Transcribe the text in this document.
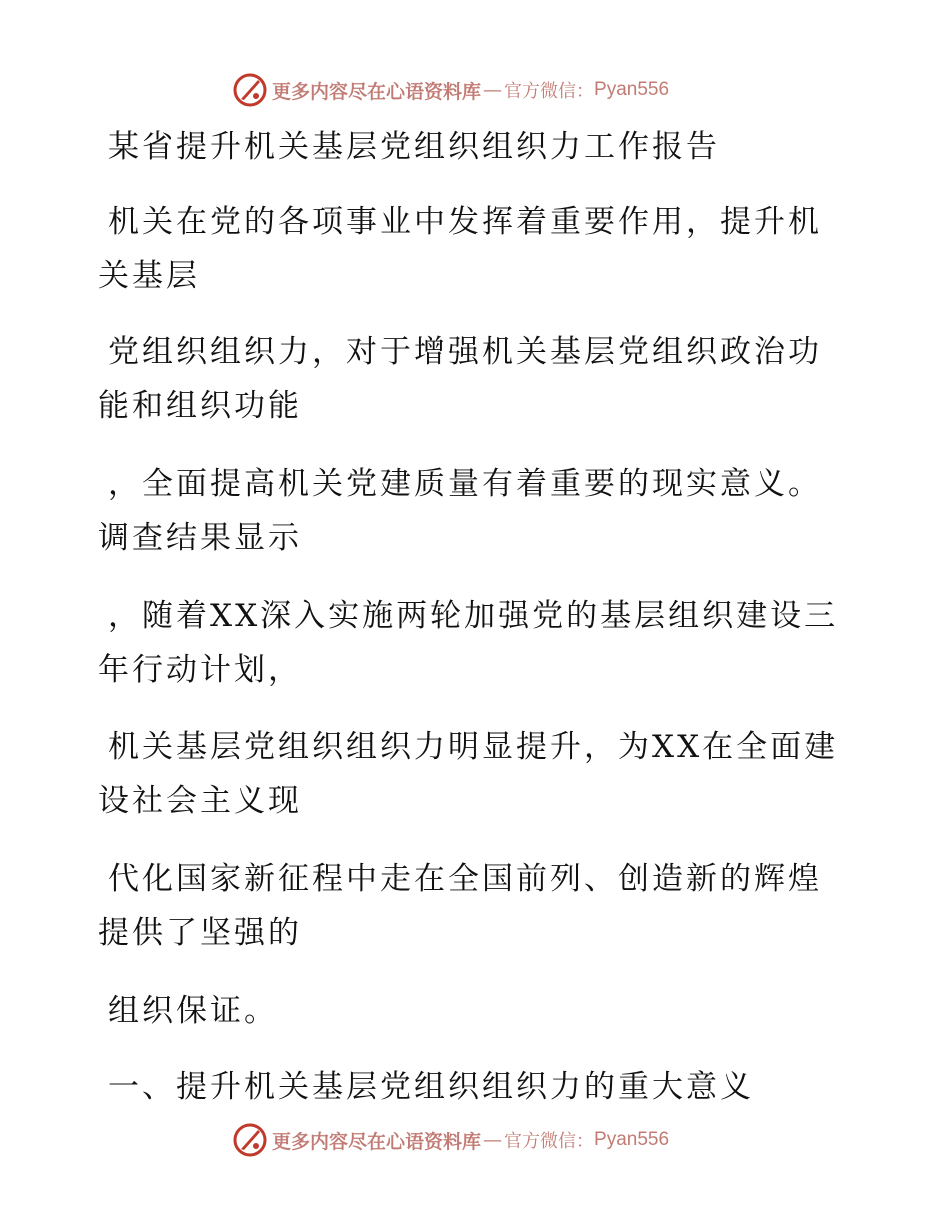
更多内容尽在心语资料库 — 官方微信： Pyan556
某省提升机关基层党组织组织力工作报告
机关在党的各项事业中发挥着重要作用，提升机
关基层
党组织组织力，对于增强机关基层党组织政治功
能和组织功能
，全面提高机关党建质量有着重要的现实意义。
调查结果显示
，随着XX深入实施两轮加强党的基层组织建设三
年行动计划，
机关基层党组织组织力明显提升，为XX在全面建
设社会主义现
代化国家新征程中走在全国前列、创造新的辉煌
提供了坚强的
组织保证。
一、提升机关基层党组织组织力的重大意义
更多内容尽在心语资料库 — 官方微信： Pyan556
